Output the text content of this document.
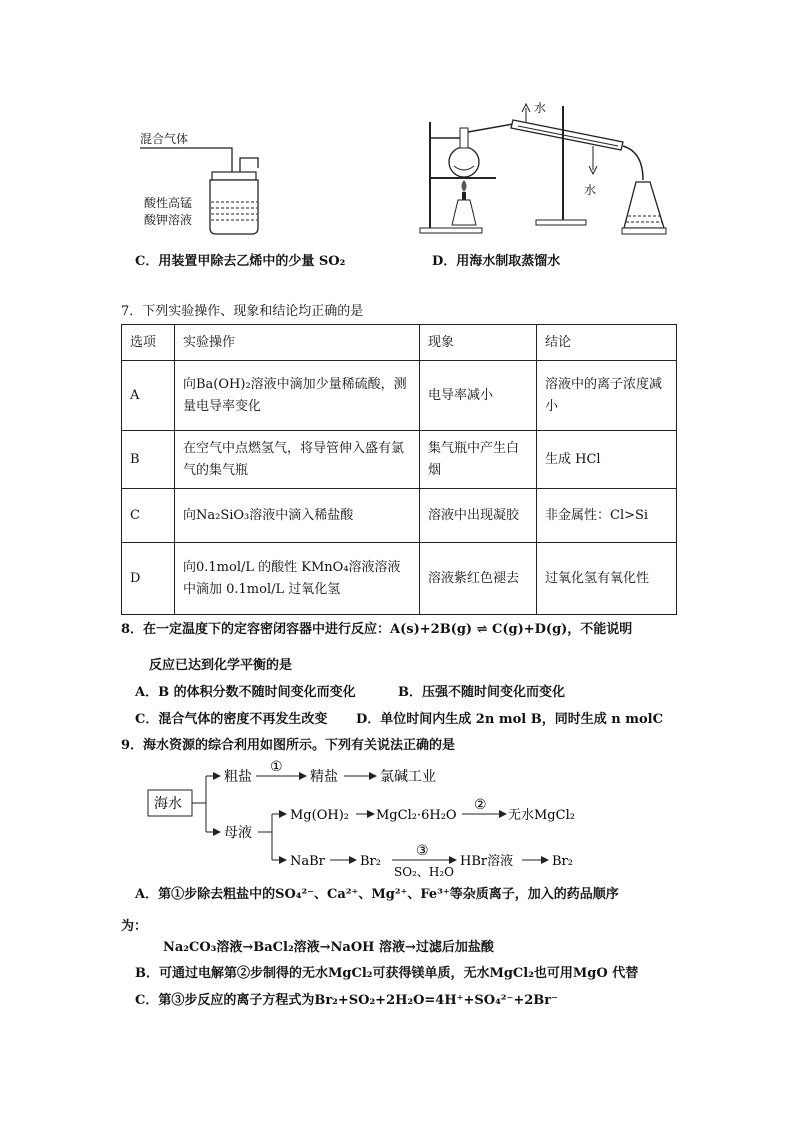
混合气体
酸性高锰
酸钾溶液
水
水
C．用装置甲除去乙烯中的少量 SO₂	D．用海水制取蒸馏水
7．下列实验操作、现象和结论均正确的是
选项	实验操作	现象	结论
A	向Ba(OH)₂溶液中滴加少量稀硫酸，测量电导率变化	电导率减小	溶液中的离子浓度减小
B	在空气中点燃氢气，将导管伸入盛有氯气的集气瓶	集气瓶中产生白烟	生成 HCl
C	向Na₂SiO₃溶液中滴入稀盐酸	溶液中出现凝胶	非金属性：Cl>Si
D	向0.1mol/L 的酸性 KMnO₄溶液溶液中滴加 0.1mol/L 过氧化氢	溶液紫红色褪去	过氧化氢有氧化性
8．在一定温度下的定容密闭容器中进行反应：A(s)+2B(g) ⇌ C(g)+D(g)，不能说明
反应已达到化学平衡的是
A．B 的体积分数不随时间变化而变化	B．压强不随时间变化而变化
C．混合气体的密度不再发生改变 D．单位时间内生成 2n mol B，同时生成 n molC
9．海水资源的综合利用如图所示。下列有关说法正确的是
海水
粗盐
①
精盐	氯碱工业
母液
Mg(OH)₂ MgCl₂·6H₂O
②
无水MgCl₂
NaBr	Br₂
③
SO₂、H₂O
HBr溶液	Br₂
A．第①步除去粗盐中的SO₄²⁻、Ca²⁺、Mg²⁺、Fe³⁺等杂质离子，加入的药品顺序
为：
Na₂CO₃溶液→BaCl₂溶液→NaOH 溶液→过滤后加盐酸
B．可通过电解第②步制得的无水MgCl₂可获得镁单质，无水MgCl₂也可用MgO 代替
C．第③步反应的离子方程式为Br₂+SO₂+2H₂O=4H⁺+SO₄²⁻+2Br⁻
